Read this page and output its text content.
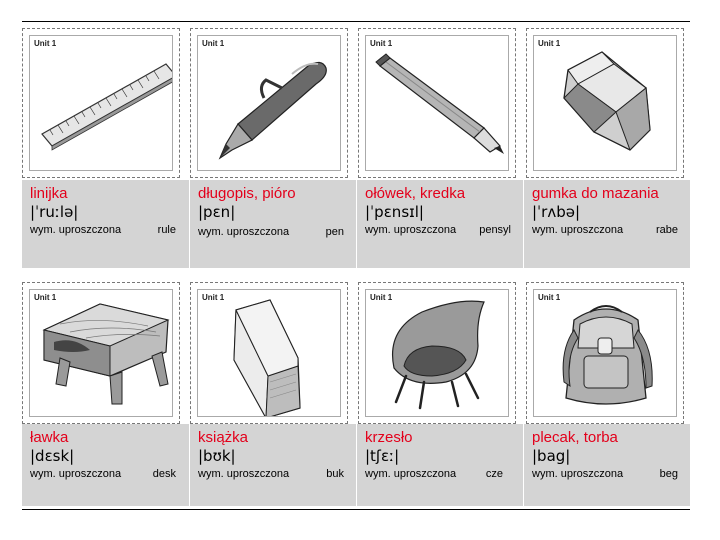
Unit 1	Unit 1	Unit 1	Unit 1
linijka
|ˈruːlə|
wym. uproszczona	rule
długopis, pióro
|pɛn|
wym. uproszczona	pen
ołówek, kredka
|ˈpɛnsɪl|
wym. uproszczona pensyl
gumka do mazania
|ˈrʌbə|
wym. uproszczona	rabe
Unit 1	Unit 1	Unit 1	Unit 1
ławka
|dɛsk|
wym. uproszczona	desk
książka
|bʊk|
wym. uproszczona	buk
krzesło
|tʃɛː|
wym. uproszczona	cze
plecak, torba
|bag|
wym. uproszczona	beg
